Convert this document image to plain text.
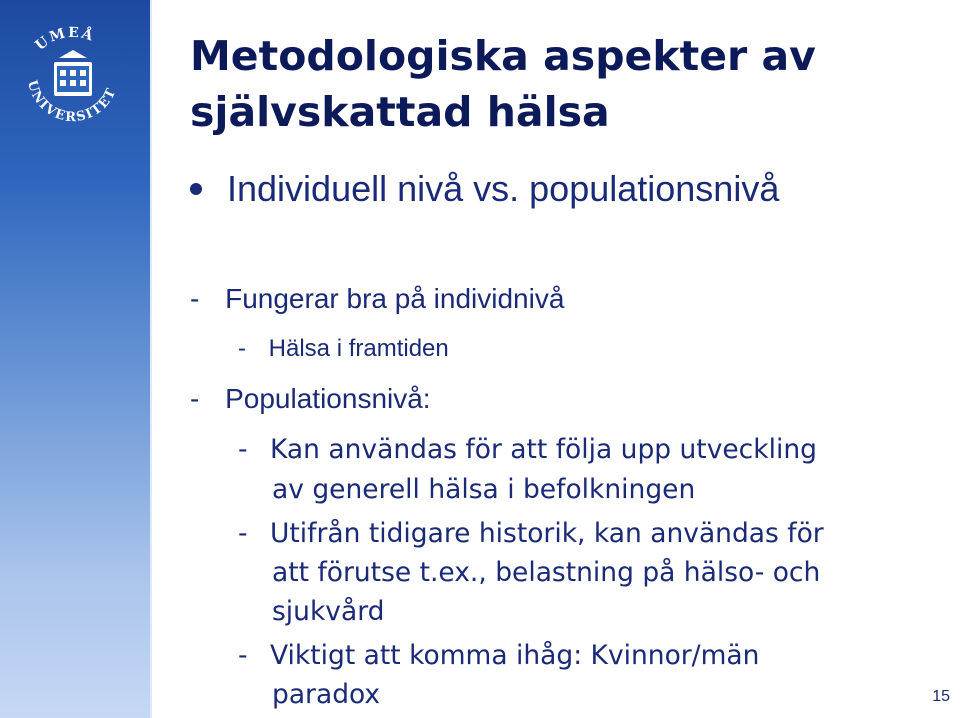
UMEÅ
UNIVERSITET
Metodologiska aspekter av
självskattad hälsa
Individuell nivå vs. populationsnivå
- Fungerar bra på individnivå
- Hälsa i framtiden
- Populationsnivå:
- Kan användas för att följa upp utveckling
av generell hälsa i befolkningen
- Utifrån tidigare historik, kan användas för
att förutse t.ex., belastning på hälso- och
sjukvård
- Viktigt att komma ihåg: Kvinnor/män
paradox	15
